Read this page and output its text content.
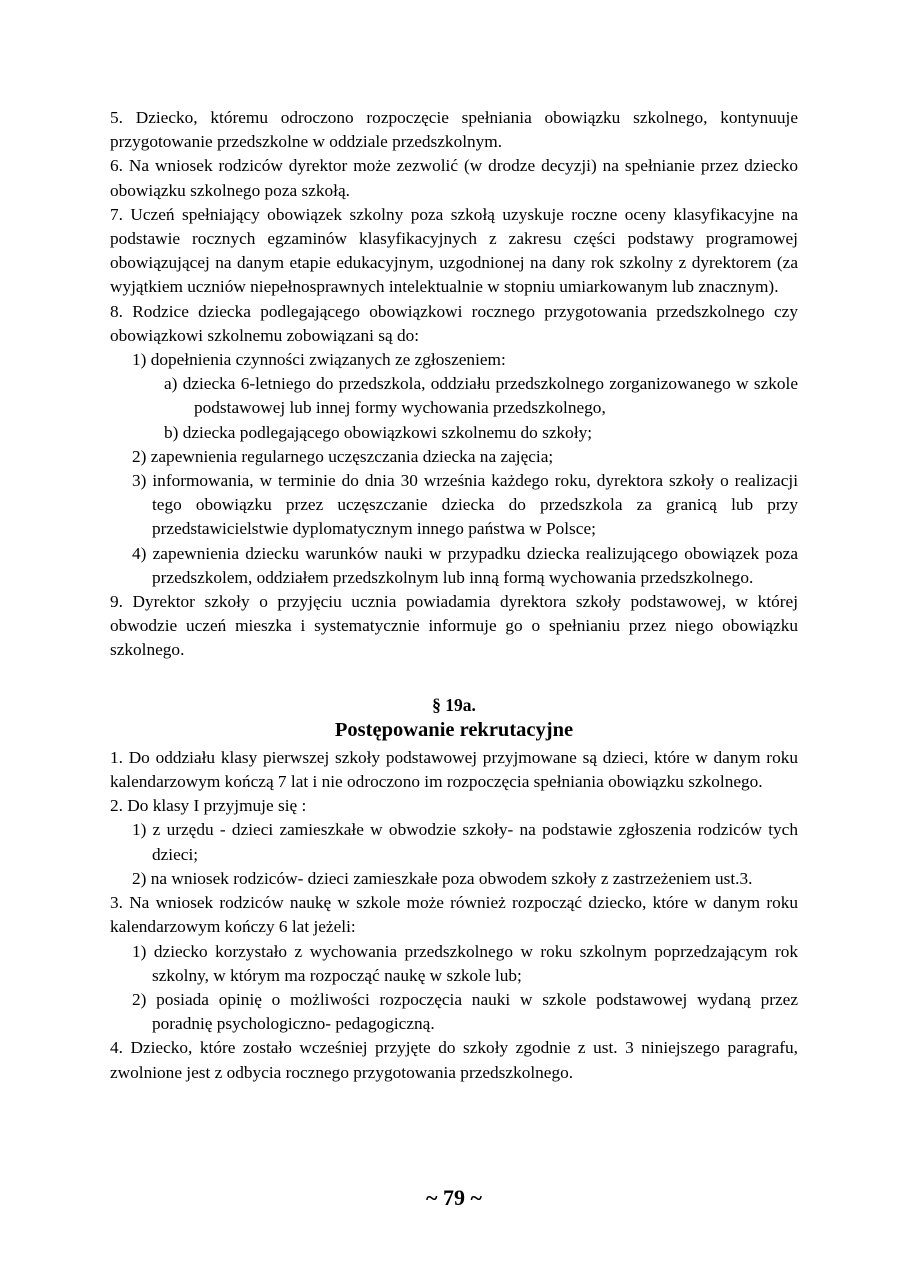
5. Dziecko, któremu odroczono rozpoczęcie spełniania obowiązku szkolnego, kontynuuje przygotowanie przedszkolne w oddziale przedszkolnym.

6. Na wniosek rodziców dyrektor może zezwolić (w drodze decyzji) na spełnianie przez dziecko obowiązku szkolnego poza szkołą.

7. Uczeń spełniający obowiązek szkolny poza szkołą uzyskuje roczne oceny klasyfikacyjne na podstawie rocznych egzaminów klasyfikacyjnych z zakresu części podstawy programowej obowiązującej na danym etapie edukacyjnym, uzgodnionej na dany rok szkolny z dyrektorem (za wyjątkiem uczniów niepełnosprawnych intelektualnie w stopniu umiarkowanym lub znacznym).

8. Rodzice dziecka podlegającego obowiązkowi rocznego przygotowania przedszkolnego czy obowiązkowi szkolnemu zobowiązani są do:

1) dopełnienia czynności związanych ze zgłoszeniem:

a) dziecka 6-letniego do przedszkola, oddziału przedszkolnego zorganizowanego w szkole podstawowej lub innej formy wychowania przedszkolnego,

b) dziecka podlegającego obowiązkowi szkolnemu do szkoły;

2) zapewnienia regularnego uczęszczania dziecka na zajęcia;

3) informowania, w terminie do dnia 30 września każdego roku, dyrektora szkoły o realizacji tego obowiązku przez uczęszczanie dziecka do przedszkola za granicą lub przy przedstawicielstwie dyplomatycznym innego państwa w Polsce;

4) zapewnienia dziecku warunków nauki w przypadku dziecka realizującego obowiązek poza przedszkolem, oddziałem przedszkolnym lub inną formą wychowania przedszkolnego.

9. Dyrektor szkoły o przyjęciu ucznia powiadamia dyrektora szkoły podstawowej, w której obwodzie uczeń mieszka i systematycznie informuje go o spełnianiu przez niego obowiązku szkolnego.

§ 19a.
Postępowanie rekrutacyjne

1. Do oddziału klasy pierwszej szkoły podstawowej przyjmowane są dzieci, które w danym roku kalendarzowym kończą 7 lat i nie odroczono im rozpoczęcia spełniania obowiązku szkolnego.

2. Do klasy I przyjmuje się :

1) z urzędu - dzieci zamieszkałe w obwodzie szkoły- na podstawie zgłoszenia rodziców tych dzieci;

2) na wniosek rodziców- dzieci zamieszkałe poza obwodem szkoły z zastrzeżeniem ust.3.

3. Na wniosek rodziców naukę w szkole może również rozpocząć dziecko, które w danym roku kalendarzowym kończy 6 lat jeżeli:

1) dziecko korzystało z wychowania przedszkolnego w roku szkolnym poprzedzającym rok szkolny, w którym ma rozpocząć naukę w szkole lub;

2) posiada opinię o możliwości rozpoczęcia nauki w szkole podstawowej wydaną przez poradnię psychologiczno- pedagogiczną.

4. Dziecko, które zostało wcześniej przyjęte do szkoły zgodnie z ust. 3 niniejszego paragrafu, zwolnione jest z odbycia rocznego przygotowania przedszkolnego.

~ 79 ~
